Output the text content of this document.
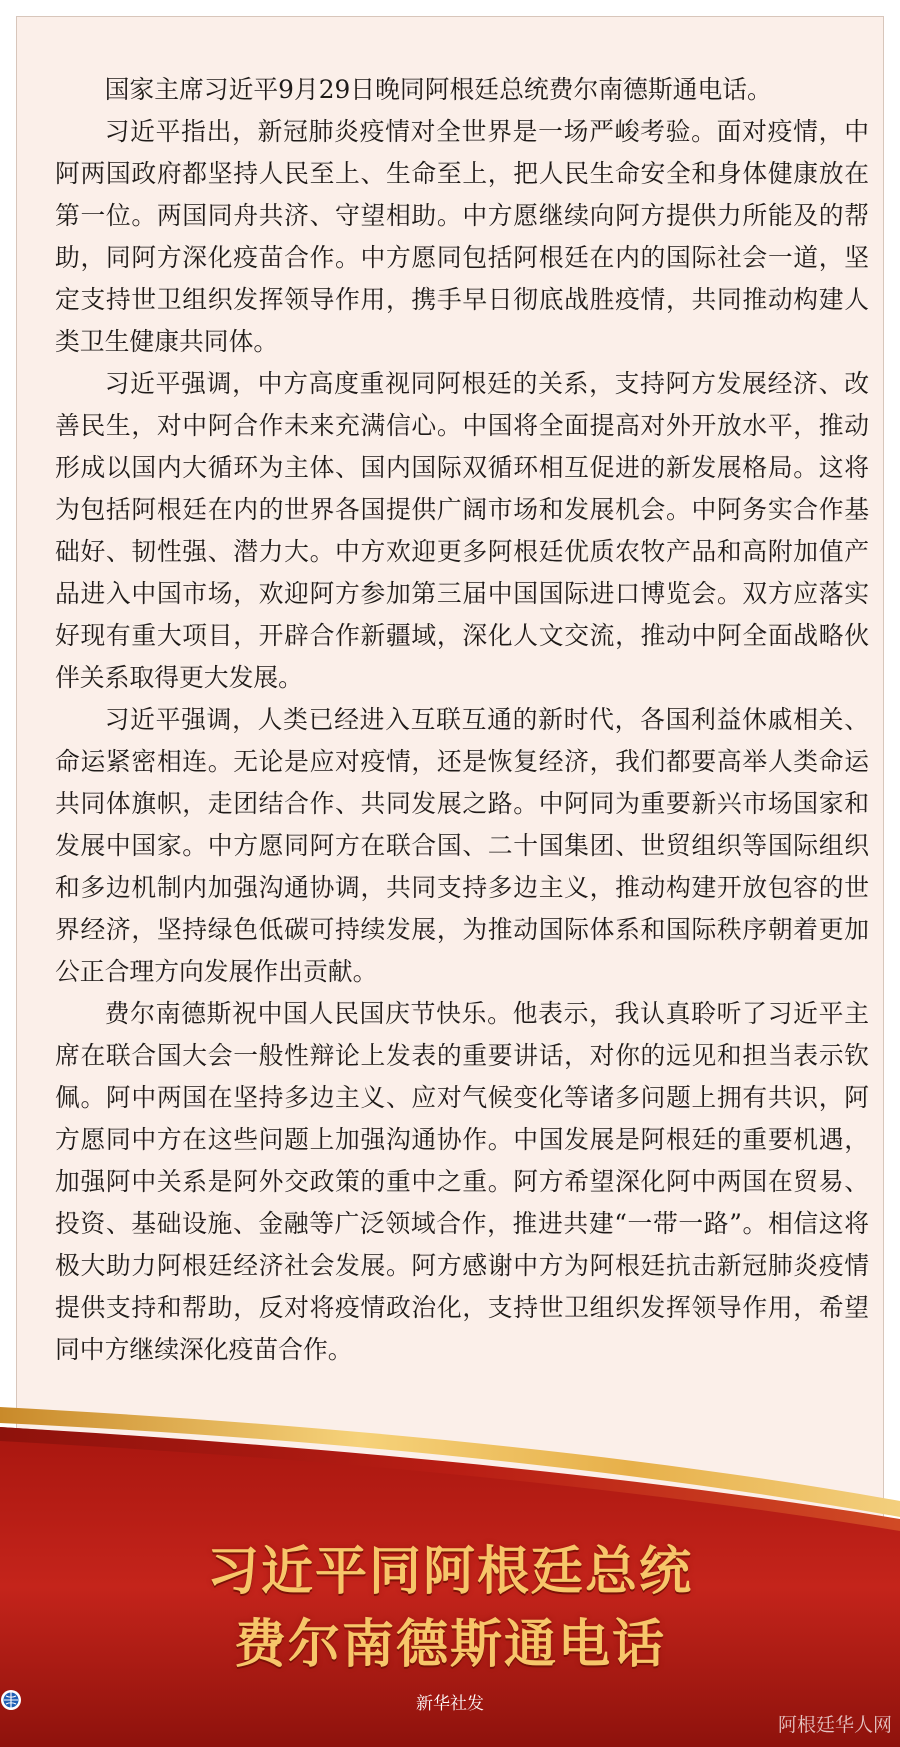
国家主席习近平9月29日晚同阿根廷总统费尔南德斯通电话。

习近平指出，新冠肺炎疫情对全世界是一场严峻考验。面对疫情，中阿两国政府都坚持人民至上、生命至上，把人民生命安全和身体健康放在第一位。两国同舟共济、守望相助。中方愿继续向阿方提供力所能及的帮助，同阿方深化疫苗合作。中方愿同包括阿根廷在内的国际社会一道，坚定支持世卫组织发挥领导作用，携手早日彻底战胜疫情，共同推动构建人类卫生健康共同体。

习近平强调，中方高度重视同阿根廷的关系，支持阿方发展经济、改善民生，对中阿合作未来充满信心。中国将全面提高对外开放水平，推动形成以国内大循环为主体、国内国际双循环相互促进的新发展格局。这将为包括阿根廷在内的世界各国提供广阔市场和发展机会。中阿务实合作基础好、韧性强、潜力大。中方欢迎更多阿根廷优质农牧产品和高附加值产品进入中国市场，欢迎阿方参加第三届中国国际进口博览会。双方应落实好现有重大项目，开辟合作新疆域，深化人文交流，推动中阿全面战略伙伴关系取得更大发展。

习近平强调，人类已经进入互联互通的新时代，各国利益休戚相关、命运紧密相连。无论是应对疫情，还是恢复经济，我们都要高举人类命运共同体旗帜，走团结合作、共同发展之路。中阿同为重要新兴市场国家和发展中国家。中方愿同阿方在联合国、二十国集团、世贸组织等国际组织和多边机制内加强沟通协调，共同支持多边主义，推动构建开放包容的世界经济，坚持绿色低碳可持续发展，为推动国际体系和国际秩序朝着更加公正合理方向发展作出贡献。

费尔南德斯祝中国人民国庆节快乐。他表示，我认真聆听了习近平主席在联合国大会一般性辩论上发表的重要讲话，对你的远见和担当表示钦佩。阿中两国在坚持多边主义、应对气候变化等诸多问题上拥有共识，阿方愿同中方在这些问题上加强沟通协作。中国发展是阿根廷的重要机遇，加强阿中关系是阿外交政策的重中之重。阿方希望深化阿中两国在贸易、投资、基础设施、金融等广泛领域合作，推进共建“一带一路”。相信这将极大助力阿根廷经济社会发展。阿方感谢中方为阿根廷抗击新冠肺炎疫情提供支持和帮助，反对将疫情政治化，支持世卫组织发挥领导作用，希望同中方继续深化疫苗合作。

习近平同阿根廷总统
费尔南德斯通电话
新华社发
阿根廷华人网
